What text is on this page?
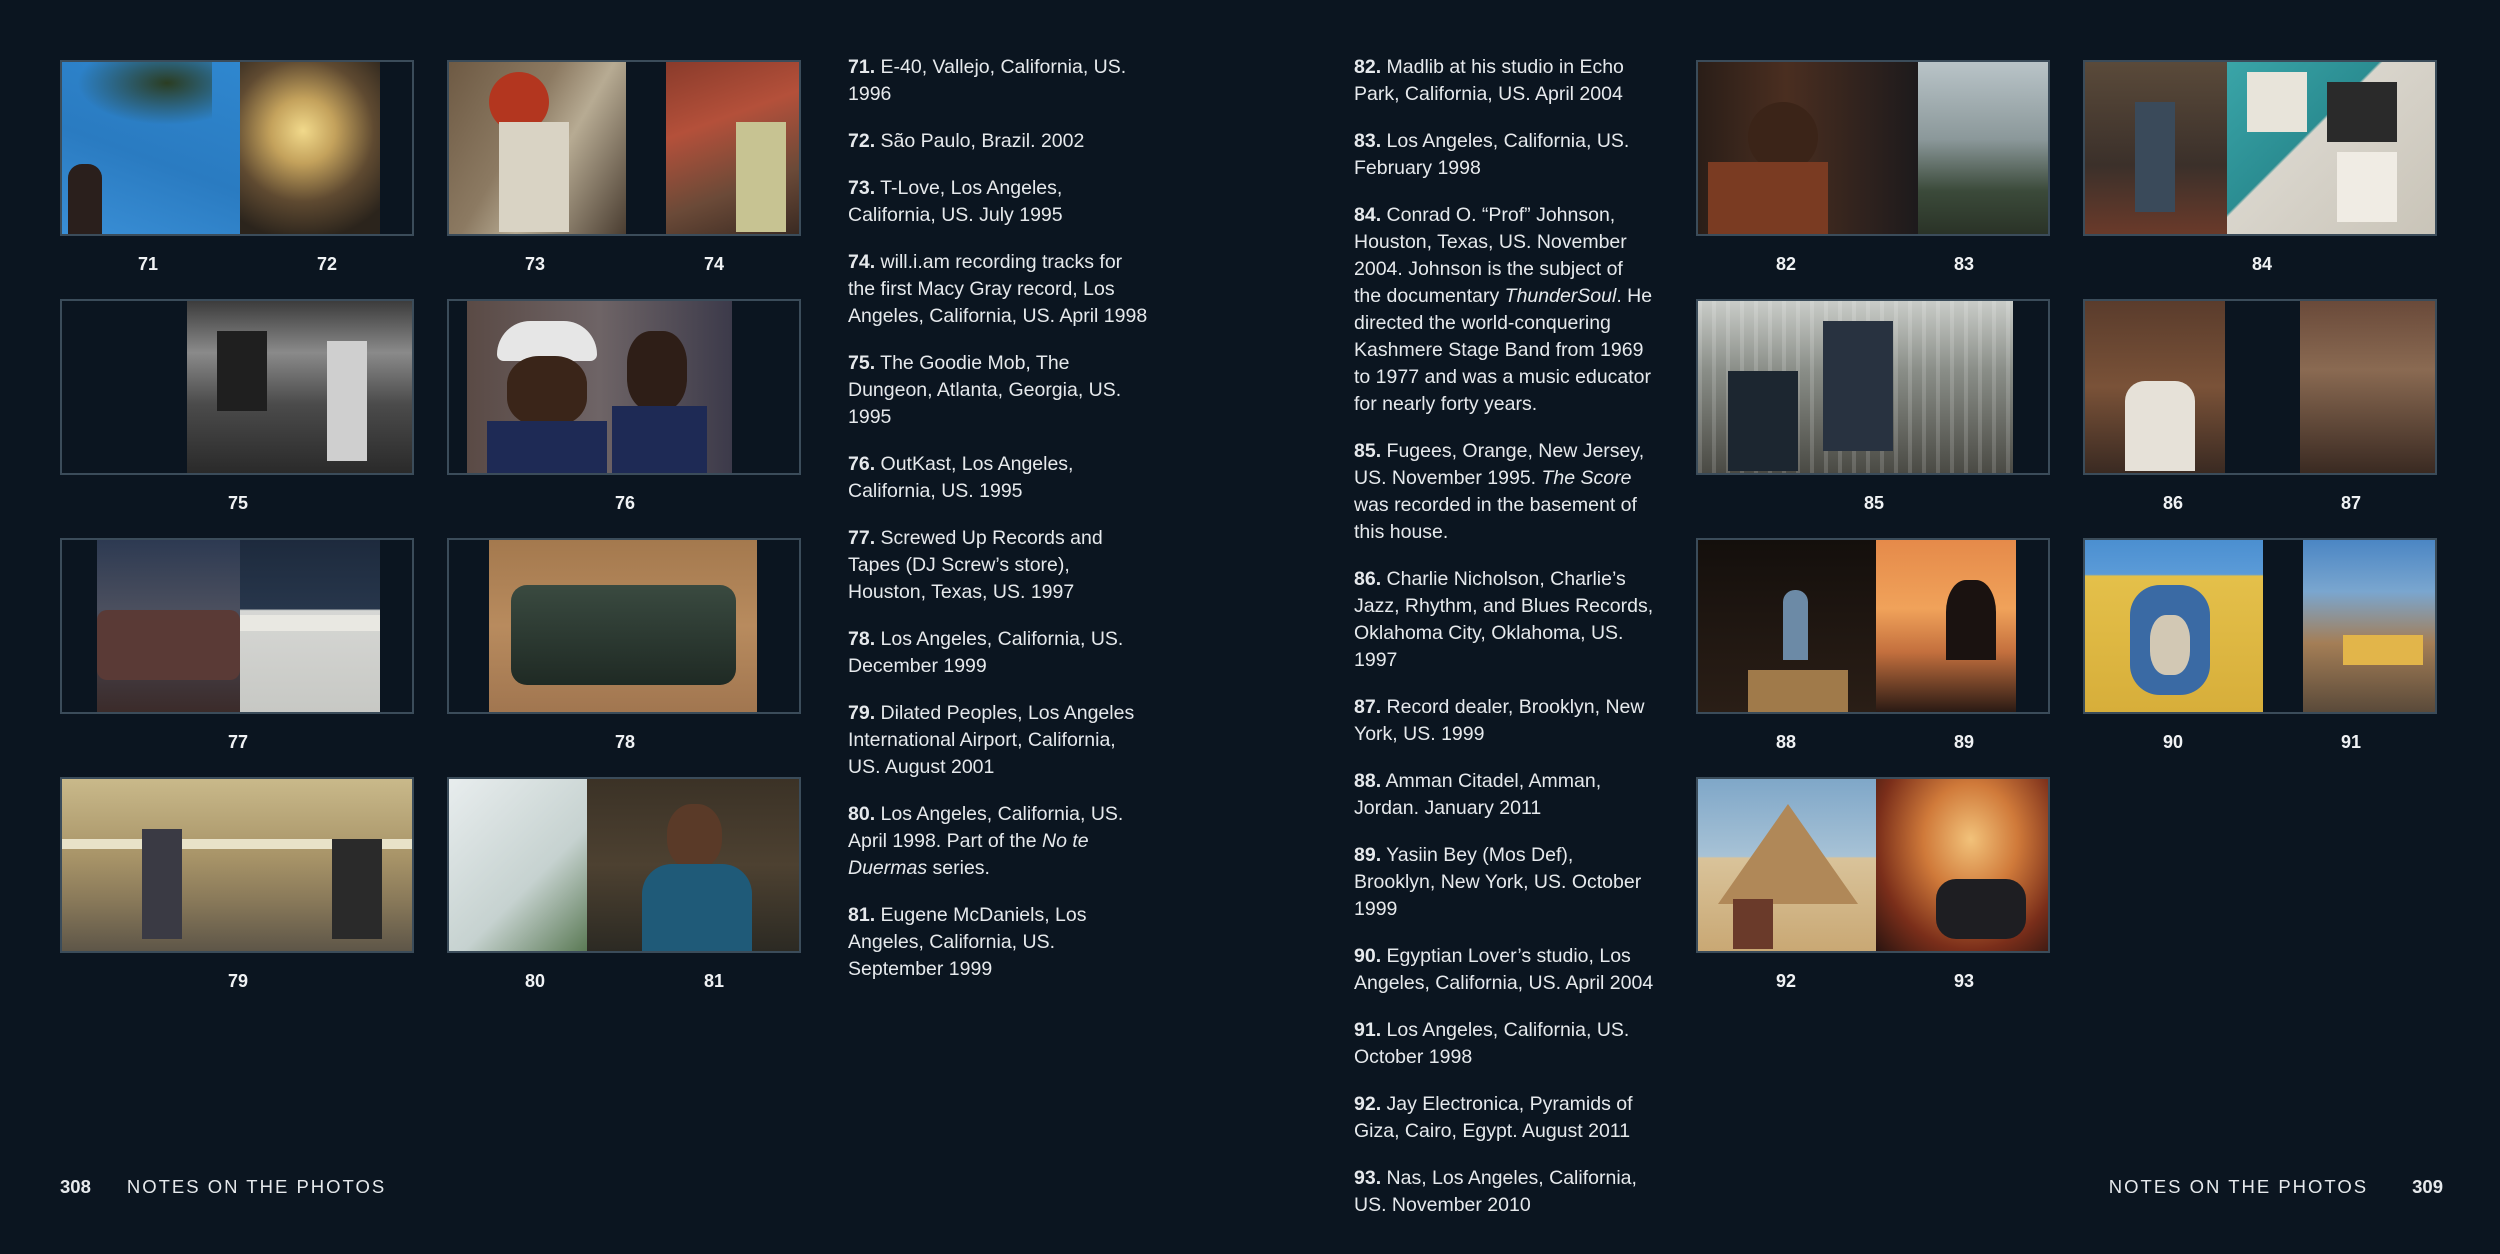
71	72	73	74
75	76
77	78
79	80	81

71. E-40, Vallejo, California, US. 1996

72. São Paulo, Brazil. 2002

73. T-Love, Los Angeles, California, US. July 1995

74. will.i.am recording tracks for the first Macy Gray record, Los Angeles, California, US. April 1998

75. The Goodie Mob, The Dungeon, Atlanta, Georgia, US. 1995

76. OutKast, Los Angeles, California, US. 1995

77. Screwed Up Records and Tapes (DJ Screw’s store), Houston, Texas, US. 1997

78. Los Angeles, California, US. December 1999

79. Dilated Peoples, Los Angeles International Airport, California, US. August 2001

80. Los Angeles, California, US. April 1998. Part of the No te Duermas series.

81. Eugene McDaniels, Los Angeles, California, US. September 1999

82. Madlib at his studio in Echo Park, California, US. April 2004

83. Los Angeles, California, US. February 1998

84. Conrad O. “Prof” Johnson, Houston, Texas, US. November 2004. Johnson is the subject of the documentary ThunderSoul. He directed the world-conquering Kashmere Stage Band from 1969 to 1977 and was a music educator for nearly forty years.

85. Fugees, Orange, New Jersey, US. November 1995. The Score was recorded in the basement of this house.

86. Charlie Nicholson, Charlie’s Jazz, Rhythm, and Blues Records, Oklahoma City, Oklahoma, US. 1997

87. Record dealer, Brooklyn, New York, US. 1999

88. Amman Citadel, Amman, Jordan. January 2011

89. Yasiin Bey (Mos Def), Brooklyn, New York, US. October 1999

90. Egyptian Lover’s studio, Los Angeles, California, US. April 2004

91. Los Angeles, California, US. October 1998

92. Jay Electronica, Pyramids of Giza, Cairo, Egypt. August 2011

93. Nas, Los Angeles, California, US. November 2010

82	83	84
85	86	87
88	89	90	91
92	93
308 NOTES ON THE PHOTOS	NOTES ON THE PHOTOS 309
